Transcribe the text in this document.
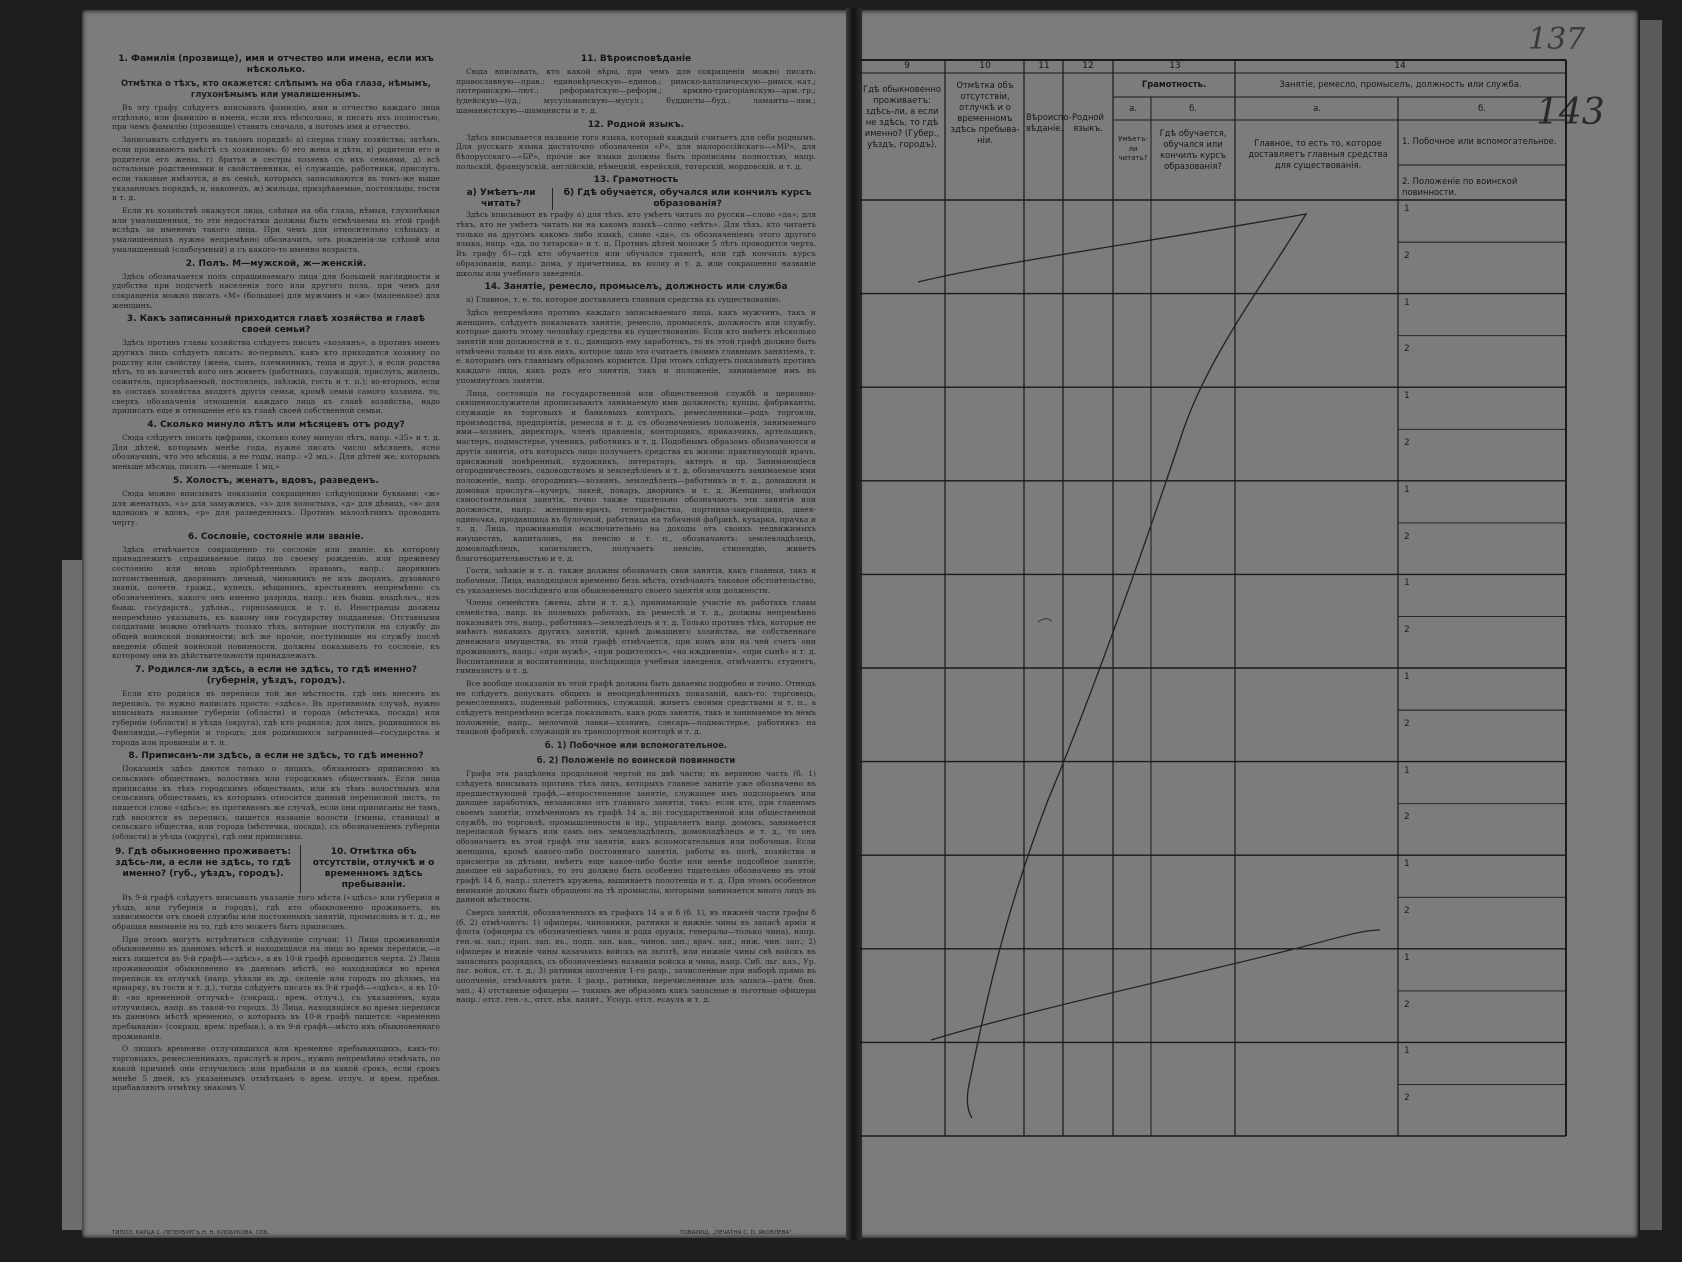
1. Фамилія (прозвище), имя и отчество или имена, если ихъ нѣсколько.

Отмѣтка о тѣхъ, кто окажется: слѣпымъ на оба глаза, нѣмымъ, глухонѣмымъ или умалишеннымъ.

Въ эту графу слѣдуетъ вписывать фамилію, имя и отчество каждаго лица отдѣльно, или фамилію и имена, если ихъ нѣсколько, и писать ихъ полностью, при чемъ фамилію (прозвище) ставить сначала, а потомъ имя и отчество.

Записывать слѣдуетъ въ такомъ порядкѣ: а) сперва главу хозяйства; затѣмъ, если проживаютъ вмѣстѣ съ хозяиномъ: б) его жена и дѣти, в) родители его и родители его жены, г) братья и сестры хозяевъ съ ихъ семьями, д) всѣ остальные родственники и свойственники, е) служащіе, работники, прислуга, если таковые имѣются, и въ семьѣ, которыхъ записываются въ томъ-же выше указанномъ порядкѣ, и, наконецъ, ж) жильцы, призрѣваемые, постояльцы, гости и т. д.

Если въ хозяйствѣ окажутся лица, слѣпыя на оба глаза, нѣмыя, глухонѣмыя или умалишенныя, то эти недостатки должны быть отмѣчаемы въ этой графѣ вслѣдъ за именемъ такого лица. При чемъ для относительно слѣпыхъ и умалишенныхъ нужно непремѣнно обозначить, отъ рожденія-ли слѣпой или умалишенный (слабоумный) и съ какого-то именно возраста.

2. Полъ. М—мужской, ж—женскій.

Здѣсь обозначается полъ спрашиваемаго лица для большей наглядности и удобства при подсчетѣ населенія того или другого пола, при чемъ для сокращенія можно писать «М» (большое) для мужчинъ и «ж» (маленькое) для женщинъ.

3. Какъ записанный приходится главѣ хозяйства и главѣ своей семьи?

Здѣсь противъ главы хозяйства слѣдуетъ писать «хозяинъ», а противъ именъ другихъ лицъ слѣдуетъ писать: во-первыхъ, какъ кто приходится хозяину по родству или свойству (жена, сынъ, племянникъ, теща и друг.), а если родства нѣтъ, то въ качествѣ кого онъ живетъ (работникъ, служащій, прислуга, жилецъ, сожитель, призрѣваемый, постоялецъ, заѣзжій, гость и т. п.); во-вторыхъ, если въ составъ хозяйства входятъ другія семьи, кромѣ семьи самого хозяина, то, сверхъ обозначенія отношенія каждаго лица къ главѣ хозяйства, надо приписать еще и отношеніе его къ главѣ своей собственной семьи.

4. Сколько минуло лѣтъ или мѣсяцевъ отъ роду?

Сюда слѣдуетъ писать цифрами, сколько кому минуло лѣтъ, напр. «35» и т. д. Для дѣтей, которымъ менѣе года, нужно писать число мѣсяцевъ, ясно обозначивъ, что это мѣсяцы, а не годы, напр.: «2 мц.». Для дѣтей же, которымъ меньше мѣсяца, писать —«меньше 1 мц.»

5. Холостъ, женатъ, вдовъ, разведенъ.

Сюда можно вписывать показанія сокращенно слѣдующими буквами: «ж» для женатыхъ, «з» для замужнихъ, «х» для холостыхъ, «д» для дѣвицъ, «в» для вдовцовъ и вдовъ, «р» для разведенныхъ. Противъ малолѣтнихъ проводить черту.

6. Сословіе, состояніе или званіе.

Здѣсь отмѣчается сокращенно то сословіе или званіе, къ которому принадлежитъ спрашиваемое лицо по своему рожденію, или прежнему состоянію или вновь пріобрѣтеннымъ правамъ, напр.: дворянинъ потомственный, дворянинъ личный, чиновникъ не изъ дворянъ, духовнаго званія, почетн. гражд., купецъ, мѣщанинъ, крестьянинъ непремѣнно съ обозначеніемъ, какого онъ именно разряда, напр.: изъ бывш. владѣльч., изъ бывш. государств., удѣльн., горнозаводск. и т. п. Иностранцы должны непремѣнно указывать, къ какому они государству подданные. Отставными солдатами можно отмѣчать только тѣхъ, которые поступили на службу до общей воинской повинности; всѣ же прочіе, поступившіе на службу послѣ введенія общей воинской повинности, должны показывать то сословіе, къ которому они въ дѣйствительности принадлежатъ.

7. Родился-ли здѣсь, а если не здѣсь, то гдѣ именно? (губернія, уѣздъ, городъ).

Если кто родился въ переписи той же мѣстности, гдѣ онъ внесенъ въ перепись, то нужно написать просто: «здѣсь». Въ противномъ случаѣ, нужно вписывать название губерніи (области) и города (мѣстечка, посада) или губерніи (области) и уѣзда (округа), гдѣ кто родился; для лицъ, родившихся въ Финляндіи,—губернія и городъ; для родившихся заграницей—государства и города или провинціи и т. п.

8. Приписанъ-ли здѣсь, а если не здѣсь, то гдѣ именно?

Показанія здѣсь даются только о лицахъ, обязанныхъ приписною въ сельскимъ обществамъ, волостямъ или городскимъ обществамъ. Если лица приписаны въ тѣхъ городскимъ обществамъ, или къ тѣмъ волостнымъ или сельскимъ обществамъ, къ которымъ относится данный переписной листъ, то пишется слово «здѣсь»; въ противномъ же случаѣ, если они приписаны не тамъ, гдѣ вносятся въ перепись, пишется названіе волости (гмины, станицы) и сельскаго общества, или города (мѣстечка, посада), съ обозначеніемъ губерніи (области) и уѣзда (округа), гдѣ они приписаны.

9. Гдѣ обыкновенно проживаетъ: здѣсь-ли, а если не здѣсь, то гдѣ именно? (губ., уѣздъ, городъ).
10. Отмѣтка объ отсутствіи, отлучкѣ и о временномъ здѣсь пребываніи.

Въ 9-й графѣ слѣдуетъ вписывать указаніе того мѣста («здѣсь» или губернія и уѣздъ, или губернія и городъ), гдѣ кто обыкновенно проживаетъ, въ зависимости отъ своей службы или постоянныхъ занятій, промысловъ и т. д., не обращая вниманія на то, гдѣ кто можетъ быть приписанъ.

При этомъ могутъ встрѣтиться слѣдующіе случаи: 1) Лица проживающія обыкновенно въ данномъ мѣстѣ и находящіяся на лицо во время переписи,—о нихъ пишется въ 9-й графѣ—«здѣсь», а въ 10-й графѣ проводится черта. 2) Лица проживающія обыкновенно въ данномъ мѣстѣ, но находящіяся во время переписи въ отлучкѣ (напр. уѣхали въ др. селеніе или городъ по дѣламъ, на ярмарку, въ гости и т. д.), тогда слѣдуетъ писать въ 9-й графѣ—«здѣсь», а въ 10-й: «во временной отлучкѣ» (сокращ.: врем. отлуч.), съ указаніемъ, куда отлучились, напр. въ такой-то городъ. 3) Лица, находящіяся во время переписи въ данномъ мѣстѣ временно, о которыхъ въ 10-й графѣ пишется: «временно пребываніи» (сокращ. врем. пребыв.), а въ 9-й графѣ—мѣсто ихъ обыкновеннаго проживанія.

О лицахъ временно отлучившихся или временно пребывающихъ, какъ-то: торговцахъ, ремесленникахъ, прислугѣ и проч., нужно непремѣнно отмѣчать, по какой причинѣ они отлучились или прибыли и на какой срокъ, если срокъ менѣе 5 дней, къ указаннымъ отмѣткамъ о врем. отлуч. и врем. пребыв. прибавляютъ отмѣтку знакомъ V.

11. Вѣроисповѣданіе

Сюда вписывать, кто какой вѣры, при чемъ для сокращенія можно писать: православную—прав.; единовѣрческую—единов.; римско-католическую—римск.-кат.; лютеранскую—лют.; реформатскую—реформ.; армяно-григоріанскую—арм.-гр.; іудейскую—іуд.; мусульманскую—мусул.; буддисты—буд.; ламаиты—лам.; шаманистскую—шаманисты и т. д.

12. Родной языкъ.

Здѣсь вписывается названіе того языка, который каждый считаетъ для себя роднымъ. Для русскаго языка достаточно обозначенія «Р», для малороссійскаго—«МР», для бѣлорусскаго—«БР», прочіе же языки должны быть прописаны полностью, напр. польскій, французскій, англійскій, нѣмецкій, еврейскій, татарскій, мордовскій, и т. д.

13. Грамотность
а) Умѣетъ-ли читать?
б) Гдѣ обучается, обучался или кончилъ курсъ образованія?

Здѣсь вписывают въ графу а) для тѣхъ, кто умѣетъ читать по русски—слово «да»; для тѣхъ, кто не умѣетъ читать ни на какомъ языкѣ—слово «нѣтъ». Для тѣхъ, кто читаетъ только на другомъ какомъ либо языкѣ, слово «да», съ обозначеніемъ этого другого языка, напр. «да, по татарски» и т. п. Противъ дѣтей моложе 5 лѣтъ проводится черта. Въ графу б)—гдѣ кто обучается или обучался грамотѣ, или гдѣ кончилъ курсъ образованія, напр.: дома, у причетника, въ полку и т. д. или сокращенно названіе школы или учебнаго заведенія.

14. Занятіе, ремесло, промыселъ, должность или служба

а) Главное, т. е. то, которое доставляетъ главныя средства къ существованію.

Здѣсь непремѣнно противъ каждаго записываемаго лица, какъ мужчинъ, такъ и женщинъ, слѣдуетъ показывать занятіе, ремесло, промыселъ, должность или службу, которые даютъ этому человѣку средства къ существованію. Если кто имѣетъ нѣсколько занятій или должностей и т. п., дающихъ ему заработокъ, то въ этой графѣ должно быть отмѣчено только то изъ нихъ, которое лицо это считаетъ своимъ главнымъ занятіемъ, т. е. которымъ онъ главнымъ образомъ кормится. При этомъ слѣдуетъ показывать противъ каждаго лица, какъ родъ его занятія, такъ и положеніе, занимаемое имъ въ упомянутомъ занятіи.

Лица, состоящія на государственной или общественной службѣ и церковно-священнослужители прописываютъ занимаемую ими должность; купцы, фабриканты, служащіе въ торговыхъ и банковыхъ контрахъ, ремесленники—родъ торговли, производства, предпріятія, ремесла и т. д. съ обозначеніемъ положенія, занимаемаго ими—хозяинъ, директоръ, членъ правленія, конторщикъ, приказчикъ, артельщикъ, мастеръ, подмастерье, ученикъ, работникъ и т. д. Подобнымъ образомъ обозначаются и другія занятія, отъ которыхъ лицо получаетъ средства къ жизни: практикующій врачъ, присяжный повѣренный, художникъ, литераторъ, актеръ и пр. Занимающіеся огородничествомъ, садоводствомъ и земледѣліемъ и т. д. обозначаютъ занимаемое ими положеніе, напр. огородникъ—хозяинъ, земледѣлецъ—работникъ и т. д., домашняя и домовая прислуга—кучеръ, лакей, поваръ, дворникъ и т. д. Женщины, имѣющія самостоятельныя занятія, точно также тщательно обозначаютъ эти занятія или должности, напр.: женщина-врачъ, телеграфистка, портниха-закройщица, швея-одиночка, продавщица въ булочной, работница на табачной фабрикѣ, кухарка, прачка и т. д. Лица, проживающія исключительно на доходы отъ своихъ недвижимыхъ имуществъ, капиталовъ, на пенсію и т. п., обозначаютъ: землевладѣлецъ, домовладѣлецъ, капиталистъ, получаетъ пенсію, стипендію, живетъ благотворительностью и т. д.

Гости, заѣзжіе и т. п. также должны обозначать свои занятія, какъ главныя, такъ и побочныя. Лица, находящіяся временно безъ мѣста, отмѣчаютъ таковое обстоятельство, съ указаніемъ послѣдняго или обыкновеннаго своего занятія или должности.

Члены семействъ (жены, дѣти и т. д.), принимающіе участіе въ работахъ главы семейства, напр. въ полевыхъ работахъ, въ ремеслѣ и т. д., должны непремѣнно показывать это, напр., работникъ—земледѣлецъ и т. д. Только противъ тѣхъ, которые не имѣютъ никакихъ другихъ занятій, кромѣ домашняго хозяйства, ни собственнаго денежнаго имущества, въ этой графѣ отмѣчается, при комъ или на чей счетъ они проживаютъ, напр.: «при мужѣ», «при родителяхъ», «на иждивеніи», «при сынѣ» и т. д. Воспитанники и воспитанницы, посѣщающія учебныя заведенія, отмѣчаютъ: студентъ, гимназистъ и т. д.

Все вообще показанія въ этой графѣ должны быть даваемы подробно и точно. Отнюдь не слѣдуетъ допускать общихъ и неопредѣленныхъ показаній, какъ-то: торговецъ, ремесленникъ, поденный работникъ, служащій, живетъ своими средствами и т. п., а слѣдуетъ непремѣнно всегда показывать, какъ родъ занятія, такъ и занимаемое въ немъ положеніе, напр., мелочной лавки—хозяинъ, слесарь—подмастерье, работникъ на ткацкой фабрикѣ, служащій въ транспортной конторѣ и т. д.

б. 1) Побочное или вспомогательное.

б. 2) Положеніе по воинской повинности

Графа эта раздѣлена продольной чертой на двѣ части; въ верхнюю часть (б. 1) слѣдуетъ вписывать противъ тѣхъ лицъ, которыхъ главное занятіе уже обозначено въ предшествующей графѣ,—второстепенное занятіе, служащее имъ подспорьемъ или дающее заработокъ, независимо отъ главнаго занятія, такъ: если кто, при главномъ своемъ занятіи, отмѣченномъ въ графѣ 14 а, по государственной или общественной службѣ, по торговлѣ, промышленности и пр., управляетъ напр. домомъ, занимается перепиской бумагъ или самъ онъ землевладѣлецъ, домовладѣлецъ и т. д., то онъ обозначаетъ въ этой графѣ эти занятія, какъ вспомогательныя или побочныя. Если женщина, кромѣ какого-либо постояннаго занятія, работы въ полѣ, хозяйства и присмотра за дѣтьми, имѣетъ еще какое-либо болѣе или менѣе подсобное занятіе, дающее ей заработокъ, то это должно быть особенно тщательно обозначено въ этой графѣ 14 б, напр.: плететъ кружева, вышиваетъ полотенца и т. д. При этомъ особенное вниманіе должно быть обращено на тѣ промыслы, которыми занимается много лицъ въ данной мѣстности.

Сверхъ занятій, обозначенныхъ въ графахъ 14 а и б (б. 1), въ нижней части графы б (б. 2) отмѣчаютъ: 1) офицеры, чиновники, ратники и нижніе чины въ запасѣ армія и флота (офицеры съ обозначеніемъ чина и рода оружія, генералы—только чина), напр. ген.-м. зап.; прап. зап. въ., подп. зап. кав., чинов. зап.; врач. зап.; ниж. чин. зап.; 2) офицеры и нижніе чины казачьихъ войскъ на льготѣ, или нижніе чины свѣ войскъ въ запасныхъ разрядахъ, съ обозначеніемъ названія войска и чина, напр. Сиб. льг. каз., Ур. льг. войск. ст. т. д.; 3) ратники ополченія 1-го разр., зачисленные при наборѣ прямо въ ополченіе, отмѣчаютъ ратн. 1 разр., ратники, перечисленные изъ запаса—ратн. быв. зап.; 4) отставные офицеры — такимъ же образомъ какъ запасные и льготные офицеры напр.: отст. ген.-з., отст. нѣх. капит., Усоур. отст. есаулъ и т. д.

ТИПОЛ. КАРЦА С.-ПЕТЕРБУРГЪ Н. Н. КЛОБУКОВА. СПБ.	ТОВАРИЩ. „ПЕЧАТНЯ С. П. ЯКОВЛЕВА“.
137
143
9	10	11	12	13	14
Гдѣ обыкновенно проживаетъ: здѣсь-ли, а если не здѣсь, то гдѣ именно? (Губер., уѣздъ, городъ).
Отмѣтка объ отсутствіи, отлучкѣ и о временномъ здѣсь пребыва-ніи.
Вѣроиспо-вѣданіе.
Родной языкъ.
Грамотность.
а.	б.
Умѣетъ-ли читать?
Гдѣ обучается, обучался или кончилъ курсъ образованія?
Занятіе, ремесло, промыселъ, должность или служба.
а.	б.
Главное, то есть то, которое доставляетъ главныя средства для существованія.
1. Побочное или вспомогательное.
2. Положеніе по воинской повинности.
1
2
1
2
1
2
1
2
1
2
1
2
1
2
1
2
1
2
1
2
